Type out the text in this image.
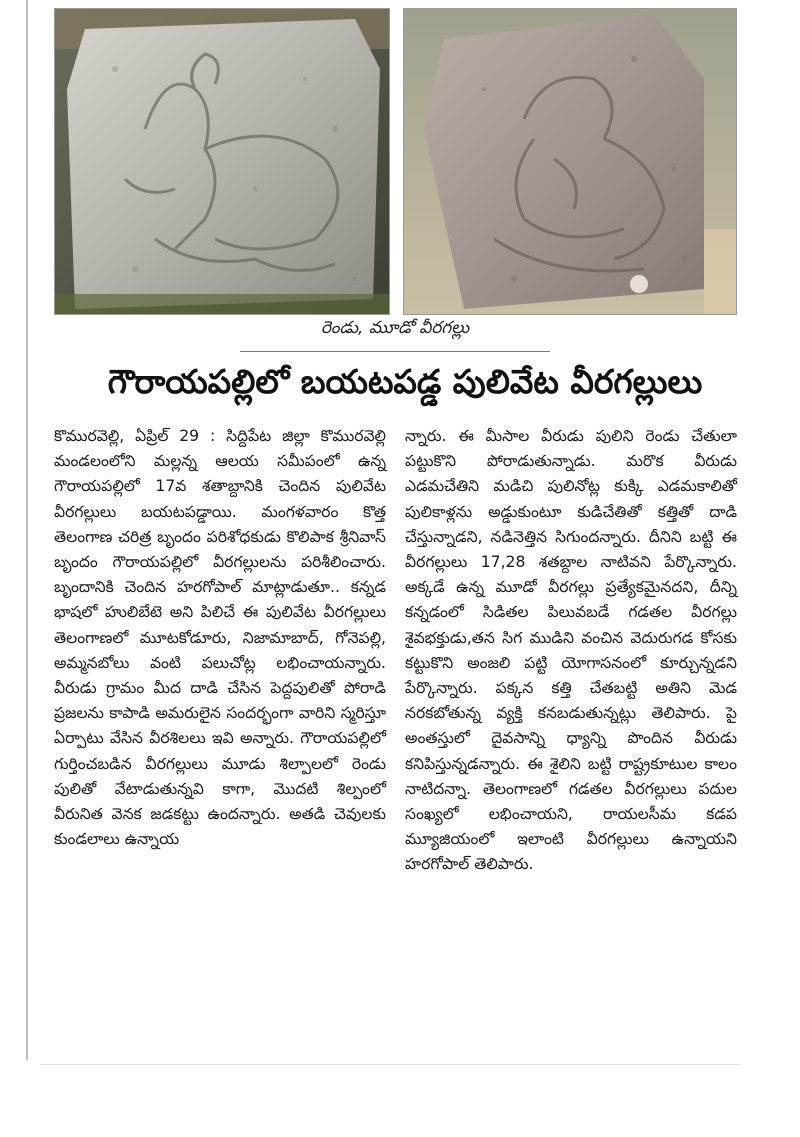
రెండు, మూడో వీరగల్లు
గౌరాయపల్లిలో బయటపడ్డ పులివేట వీరగల్లులు

కొమురవెల్లి, ఏప్రిల్ 29 : సిద్దిపేట జిల్లా కొమురవెల్లి మండలంలోని మల్లన్న ఆలయ సమీపంలో ఉన్న గౌరాయపల్లిలో 17వ శతాబ్దానికి చెందిన పులివేట వీరగల్లులు బయటపడ్డాయి. మంగళవారం కొత్త తెలంగాణ చరిత్ర బృందం పరిశోధకుడు కొలిపాక శ్రీనివాస్ బృందం గౌరాయపల్లిలో వీరగల్లులను పరిశీలించారు. బృందానికి చెందిన హరగోపాల్ మాట్లాడుతూ.. కన్నడ భాషలో హులిబేటె అని పిలిచే ఈ పులివేట వీరగల్లులు తెలంగాణలో మూటకోడూరు, నిజామాబాద్, గోనెపల్లి, అమ్మనబోలు వంటి పలుచోట్ల లభించాయన్నారు. వీరుడు గ్రామం మీద దాడి చేసిన పెద్దపులితో పోరాడి ప్రజలను కాపాడి అమరులైన సందర్భంగా వారిని స్మరిస్తూ ఏర్పాటు వేసిన వీరశిలలు ఇవి అన్నారు. గౌరాయపల్లిలో గుర్తించబడిన వీరగల్లులు మూడు శిల్పాలలో రెండు పులితో వేటాడుతున్నవి కాగా, మొదటి శిల్పంలో వీరునిత వెనక జడకట్టు ఉందన్నారు. అతడి చెవులకు కుండలాలు ఉన్నాయ

న్నారు. ఈ మీసాల వీరుడు పులిని రెండు చేతులా పట్టుకొని పోరాడుతున్నాడు. మరొక వీరుడు ఎడమచేతిని మడిచి పులినోట్ల కుక్కి ఎడమకాలితో పులికాళ్లను అడ్డుకుంటూ కుడిచేతితో కత్తితో దాడి చేస్తున్నాడని, నడినెత్తిన సిగుందన్నారు. దీనిని బట్టి ఈ వీరగల్లులు 17,28 శతబ్దాల నాటివని పేర్కొన్నారు. అక్కడే ఉన్న మూడో వీరగల్లు ప్రత్యేకమైనదని, దీన్ని కన్నడంలో సిడితల పిలువబడే గడతల వీరగల్లు శైవభక్తుడు,తన సిగ ముడిని వంచిన వెదురుగడ కోసకు కట్టుకొని అంజలి పట్టి యోగాసనంలో కూర్చున్నడని పేర్కొన్నారు. పక్కన కత్తి చేతబట్టి అతిని మెడ నరకబోతున్న వ్యక్తి కనబడుతున్నట్లు తెలిపారు. పై అంతస్తులో దైవసాన్ని ధ్యాన్ని పొందిన వీరుడు కనిపిస్తున్నడన్నారు. ఈ శైలిని బట్టి రాష్ట్రకూటుల కాలం నాటిదన్నా. తెలంగాణలో గడతల వీరగల్లులు పదుల సంఖ్యలో లభించాయని, రాయలసీమ కడప మ్యూజియంలో ఇలాంటి వీరగల్లులు ఉన్నాయని హరగోపాల్ తెలిపారు.
